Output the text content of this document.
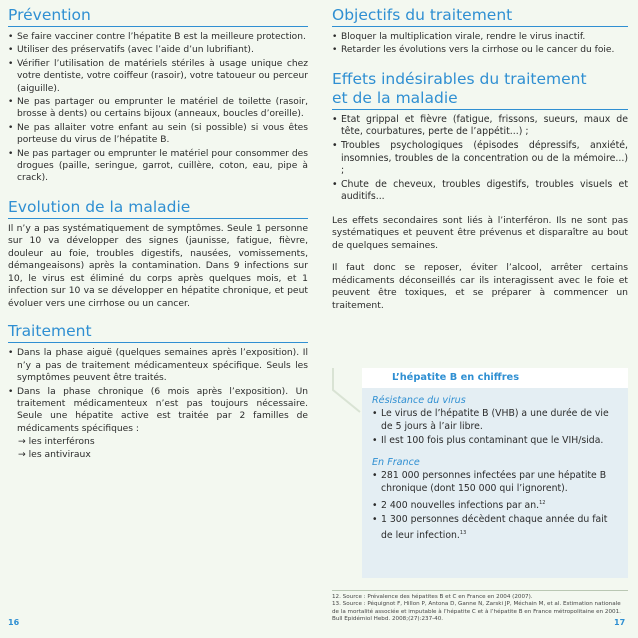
Prévention
• Se faire vacciner contre l’hépatite B est la meilleure protection.
• Utiliser des préservatifs (avec l’aide d’un lubrifiant).
• Vérifier l’utilisation de matériels stériles à usage unique chez votre dentiste, votre coiffeur (rasoir), votre tatoueur ou perceur (aiguille).
• Ne pas partager ou emprunter le matériel de toilette (rasoir, brosse à dents) ou certains bijoux (anneaux, boucles d’oreille).
• Ne pas allaiter votre enfant au sein (si possible) si vous êtes porteuse du virus de l’hépatite B.
• Ne pas partager ou emprunter le matériel pour consommer des drogues (paille, seringue, garrot, cuillère, coton, eau, pipe à crack).
Evolution de la maladie

Il n’y a pas systématiquement de symptômes. Seule 1 personne sur 10 va développer des signes (jaunisse, fatigue, fièvre, douleur au foie, troubles digestifs, nausées, vomissements, démangeaisons) après la contamination. Dans 9 infections sur 10, le virus est éliminé du corps après quelques mois, et 1 infection sur 10 va se développer en hépatite chronique, et peut évoluer vers une cirrhose ou un cancer.

Traitement
• Dans la phase aiguë (quelques semaines après l’exposition). Il n’y a pas de traitement médicamenteux spécifique. Seuls les symptômes peuvent être traités.
• Dans la phase chronique (6 mois après l’exposition). Un traitement médicamenteux n’est pas toujours nécessaire. Seule une hépatite active est traitée par 2 familles de médicaments spécifiques :
→ les interférons
→ les antiviraux
Objectifs du traitement
• Bloquer la multiplication virale, rendre le virus inactif.
• Retarder les évolutions vers la cirrhose ou le cancer du foie.
Effets indésirables du traitement
et de la maladie
• Etat grippal et fièvre (fatigue, frissons, sueurs, maux de tête, courbatures, perte de l’appétit...) ;
• Troubles psychologiques (épisodes dépressifs, anxiété, insomnies, troubles de la concentration ou de la mémoire...) ;
• Chute de cheveux, troubles digestifs, troubles visuels et auditifs...

Les effets secondaires sont liés à l’interféron. Ils ne sont pas systématiques et peuvent être prévenus et disparaître au bout de quelques semaines.

Il faut donc se reposer, éviter l’alcool, arrêter certains médicaments déconseillés car ils interagissent avec le foie et peuvent être toxiques, et se préparer à commencer un traitement.

L’hépatite B en chiffres
Résistance du virus
• Le virus de l’hépatite B (VHB) a une durée de vie de 5 jours à l’air libre.
• Il est 100 fois plus contaminant que le VIH/sida.
En France
• 281 000 personnes infectées par une hépatite B chronique (dont 150 000 qui l’ignorent).
• 2 400 nouvelles infections par an.$^{12}$
• 1 300 personnes décèdent chaque année du fait de leur infection.$^{13}$

12. Source : Prévalence des hépatites B et C en France en 2004 (2007).

13. Source : Péquignot F, Hillon P, Antona D, Ganne N, Zarski JP, Méchain M, et al. Estimation nationale de la mortalité associée et imputable à l’hépatite C et à l’hépatite B en France métropolitaine en 2001. Bull Epidémiol Hebd. 2008;(27):237-40.

16	17
